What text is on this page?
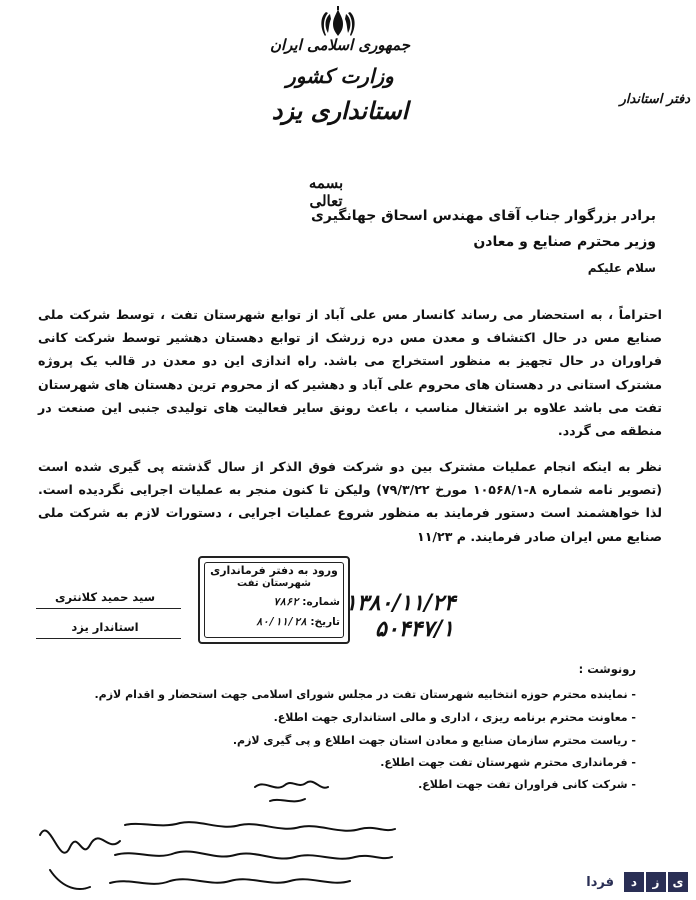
جمهوری اسلامی ایران
وزارت کشور
استانداری یزد	دفتر استاندار
بسمه تعالی
برادر بزرگوار جناب آقای مهندس اسحاق جهانگیری
وزیر محترم صنایع و معادن
سلام علیکم
احتراماً ، به استحضار می رساند کانسار مس علی آباد از توابع شهرستان تفت ، توسط شرکت ملی صنایع مس در حال اکتشاف و معدن مس دره زرشک از توابع دهستان دهشیر توسط شرکت کانی فراوران در حال تجهیز به منظور استخراج می باشد. راه اندازی این دو معدن در قالب یک پروژه مشترک استانی در دهستان های محروم علی آباد و دهشیر که از محروم ترین دهستان های شهرستان تفت می باشد علاوه بر اشتغال مناسب ، باعث رونق سایر فعالیت های تولیدی جنبی این صنعت در منطقه می گردد.
نظر به اینکه انجام عملیات مشترک بین دو شرکت فوق الذکر از سال گذشته پی گیری شده است (تصویر نامه شماره ۸-۱۰۵۶۸/۱ مورخ ۷۹/۳/۲۲) ولیکن تا کنون منجر به عملیات اجرایی نگردیده است. لذا خواهشمند است دستور فرمایند به منظور شروع عملیات اجرایی ، دستورات لازم به شرکت ملی صنایع مس ایران صادر فرمایند. م ۱۱/۲۳
ورود به دفتر فرمانداری
شهرستان تفت
شماره: ۷۸۶۲
تاریخ: ۸۰/۱۱/۲۸
۱۳۸۰/۱۱/۲۴
۵۰۴۴۷/۱
سید حمید کلانتری
استاندار یزد
رونوشت :
- نماینده محترم حوزه انتخابیه شهرستان تفت در مجلس شورای اسلامی جهت استحضار و اقدام لازم.
- معاونت محترم برنامه ریزی ، اداری و مالی استانداری جهت اطلاع.
- ریاست محترم سازمان صنایع و معادن استان جهت اطلاع و پی گیری لازم.
- فرمانداری محترم شهرستان تفت جهت اطلاع.
- شرکت کانی فراوران تفت جهت اطلاع.
فردا	د	ز	ی
